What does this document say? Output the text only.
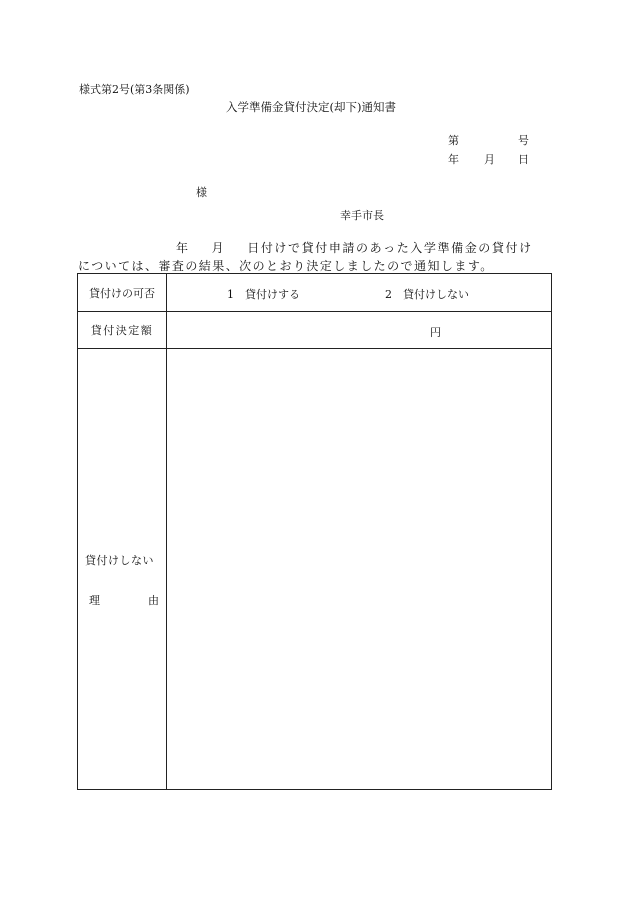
様式第2号(第3条関係)
入学準備金貸付決定(却下)通知書
第	号
年 月 日
様
幸手市長
年 月 日付けで貸付申請のあった入学準備金の貸付け
については、審査の結果、次のとおり決定しましたので通知します。
貸付けの可否	1　貸付けする 2　貸付けしない

貸付決定額	円

貸付けしない
理 由	
